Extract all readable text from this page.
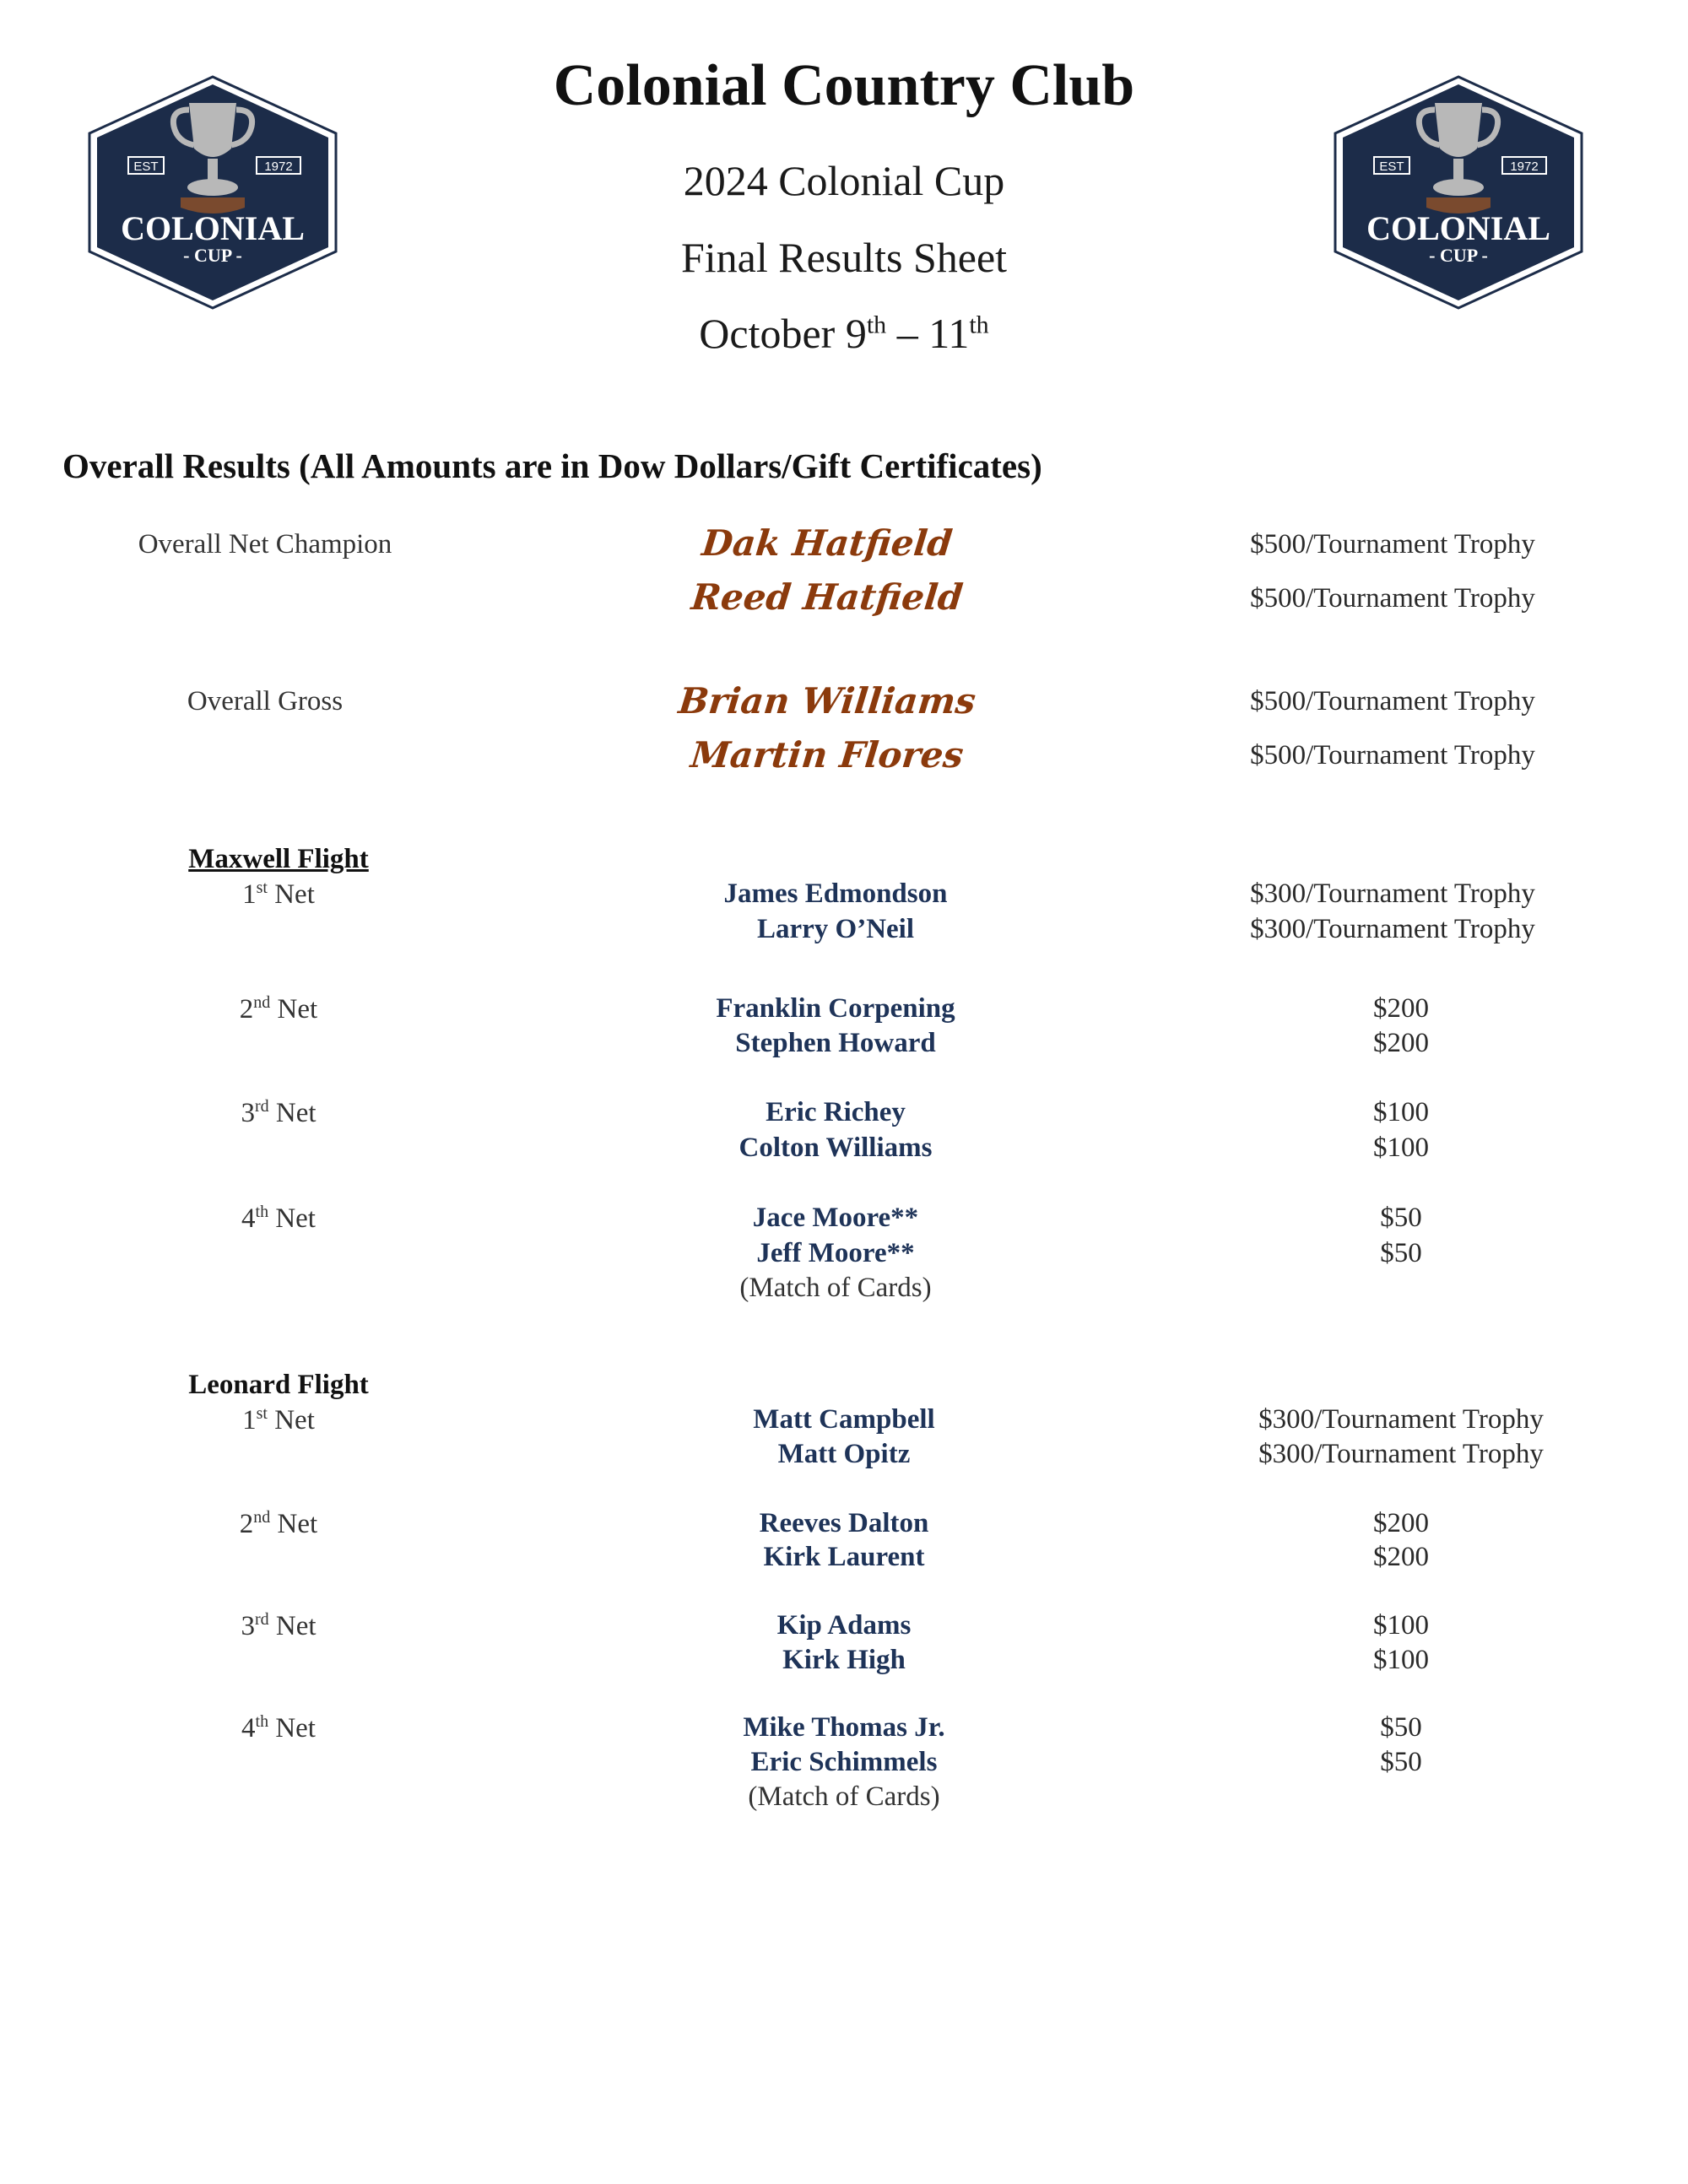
Colonial Country Club
2024 Colonial Cup
Final Results Sheet
October 9th – 11th
EST	1972
COLONIAL
- CUP -
EST	1972
COLONIAL
- CUP -
Overall Results (All Amounts are in Dow Dollars/Gift Certificates)
Overall Net Champion	Dak Hatfield	$500/Tournament Trophy
Reed Hatfield	$500/Tournament Trophy
Overall Gross	Brian Williams	$500/Tournament Trophy
Martin Flores	$500/Tournament Trophy
Maxwell Flight
1st Net	James Edmondson	$300/Tournament Trophy
Larry O’Neil	$300/Tournament Trophy
2nd Net	Franklin Corpening	$200
Stephen Howard	$200
3rd Net	Eric Richey	$100
Colton Williams	$100
4th Net	Jace Moore**	$50
Jeff Moore**	$50
(Match of Cards)
Leonard Flight
1st Net	Matt Campbell	$300/Tournament Trophy
Matt Opitz	$300/Tournament Trophy
2nd Net	Reeves Dalton	$200
Kirk Laurent	$200
3rd Net	Kip Adams	$100
Kirk High	$100
4th Net	Mike Thomas Jr.	$50
Eric Schimmels	$50
(Match of Cards)
